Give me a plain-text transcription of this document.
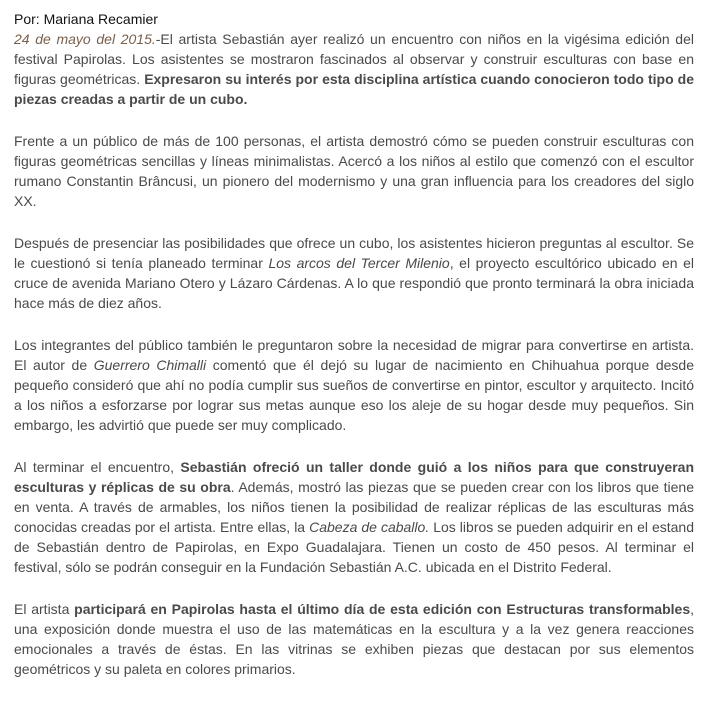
Por: Mariana Recamier

24 de mayo del 2015.-El artista Sebastián ayer realizó un encuentro con niños en la vigésima edición del festival Papirolas. Los asistentes se mostraron fascinados al observar y construir esculturas con base en figuras geométricas. Expresaron su interés por esta disciplina artística cuando conocieron todo tipo de piezas creadas a partir de un cubo.

Frente a un público de más de 100 personas, el artista demostró cómo se pueden construir esculturas con figuras geométricas sencillas y líneas minimalistas. Acercó a los niños al estilo que comenzó con el escultor rumano Constantin Brâncusi, un pionero del modernismo y una gran influencia para los creadores del siglo XX.

Después de presenciar las posibilidades que ofrece un cubo, los asistentes hicieron preguntas al escultor. Se le cuestionó si tenía planeado terminar Los arcos del Tercer Milenio, el proyecto escultórico ubicado en el cruce de avenida Mariano Otero y Lázaro Cárdenas. A lo que respondió que pronto terminará la obra iniciada hace más de diez años.

Los integrantes del público también le preguntaron sobre la necesidad de migrar para convertirse en artista. El autor de Guerrero Chimalli comentó que él dejó su lugar de nacimiento en Chihuahua porque desde pequeño consideró que ahí no podía cumplir sus sueños de convertirse en pintor, escultor y arquitecto. Incitó a los niños a esforzarse por lograr sus metas aunque eso los aleje de su hogar desde muy pequeños. Sin embargo, les advirtió que puede ser muy complicado.

Al terminar el encuentro, Sebastián ofreció un taller donde guió a los niños para que construyeran esculturas y réplicas de su obra. Además, mostró las piezas que se pueden crear con los libros que tiene en venta. A través de armables, los niños tienen la posibilidad de realizar réplicas de las esculturas más conocidas creadas por el artista. Entre ellas, la Cabeza de caballo. Los libros se pueden adquirir en el estand de Sebastián dentro de Papirolas, en Expo Guadalajara. Tienen un costo de 450 pesos. Al terminar el festival, sólo se podrán conseguir en la Fundación Sebastián A.C. ubicada en el Distrito Federal.

El artista participará en Papirolas hasta el último día de esta edición con Estructuras transformables, una exposición donde muestra el uso de las matemáticas en la escultura y a la vez genera reacciones emocionales a través de éstas. En las vitrinas se exhiben piezas que destacan por sus elementos geométricos y su paleta en colores primarios.
